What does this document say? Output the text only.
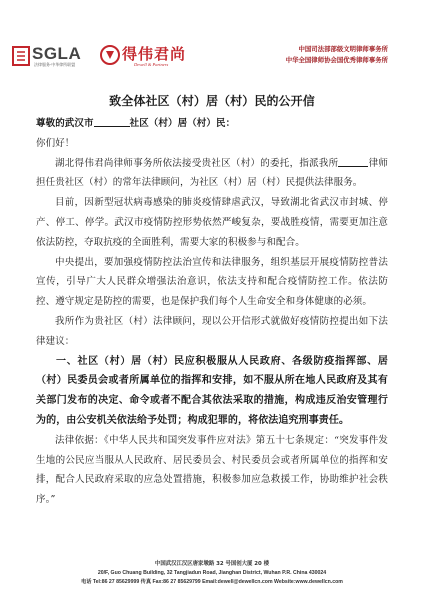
SGLA
法律服务·中华律所联盟
得伟君尚
Dewell & Partners
中国司法部部级文明律师事务所
中华全国律师协会国优秀律师事务所

致全体社区（村）居（村）民的公开信

尊敬的武汉市	社区（村）居（村）民：

你们好！

湖北得伟君尚律师事务所依法接受贵社区（村）的委托，指派我所	律师担任贵社区（村）的常年法律顾问，为社区（村）居（村）民提供法律服务。

目前，因新型冠状病毒感染的肺炎疫情肆虐武汉，导致湖北省武汉市封城、停产、停工、停学。武汉市疫情防控形势依然严峻复杂，要战胜疫情，需要更加注意依法防控，夺取抗疫的全面胜利，需要大家的积极参与和配合。

中央提出，要加强疫情防控法治宣传和法律服务，组织基层开展疫情防控普法宣传，引导广大人民群众增强法治意识，依法支持和配合疫情防控工作。依法防控、遵守规定是防控的需要，也是保护我们每个人生命安全和身体健康的必须。

我所作为贵社区（村）法律顾问，现以公开信形式就做好疫情防控提出如下法律建议：

一、社区（村）居（村）民应积极服从人民政府、各级防疫指挥部、居（村）民委员会或者所属单位的指挥和安排，如不服从所在地人民政府及其有关部门发布的决定、命令或者不配合其依法采取的措施，构成违反治安管理行为的，由公安机关依法给予处罚；构成犯罪的，将依法追究刑事责任。

法律依据：《中华人民共和国突发事件应对法》第五十七条规定：“突发事件发生地的公民应当服从人民政府、居民委员会、村民委员会或者所属单位的指挥和安排，配合人民政府采取的应急处置措施，积极参加应急救援工作，协助维护社会秩序。”

中国武汉江汉区唐家墩路 32 号国创大厦 20 楼
20/F, Guo Chuang Building, 32 Tangjiadun Road, Jianghan District, Wuhan P.R. China 430024
电话 Tel:86 27 85629999 传真 Fax:86 27 85629799 Email:dewell@dewellcn.com Website:www.dewellcn.com
